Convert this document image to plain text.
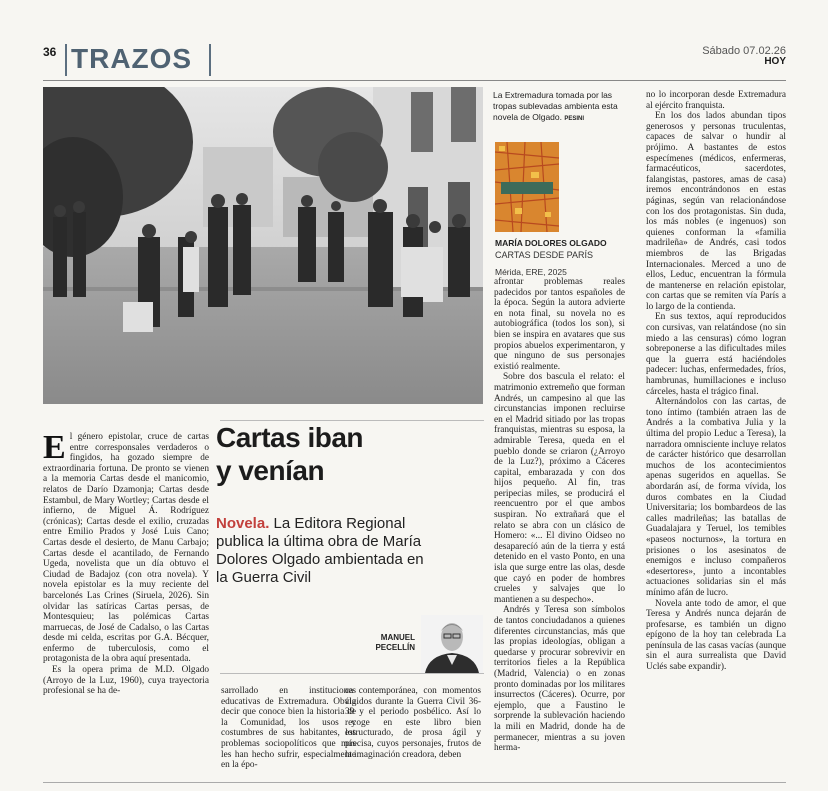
36 TRAZOS	Sábado 07.02.26
HOY
La Extremadura tomada por las tropas sublevadas ambienta esta novela de Olgado. PESINI
MARÍA DOLORES OLGADO
CARTAS DESDE PARÍS
Mérida, ERE, 2025
Cartas iban
y venían
Novela. La Editora Regional publica la última obra de María Dolores Olgado ambientada en la Guerra Civil
MANUEL
PECELLÍN

El género epistolar, cruce de cartas entre corresponsales verdaderos o fingidos, ha gozado siempre de extraordinaria fortuna. De pronto se vienen a la memoria Cartas desde el manicomio, relatos de Darío Dzamonja; Cartas desde Estambul, de Mary Wortley; Cartas desde el infierno, de Miguel Á. Rodríguez (crónicas); Cartas desde el exilio, cruzadas entre Emilio Prados y José Luis Cano; Cartas desde el desierto, de Manu Carbajo; Cartas desde el acantilado, de Fernando Ugeda, novelista que un día obtuvo el Ciudad de Badajoz (con otra novela). Y novela epistolar es la muy reciente del barcelonés Las Crines (Siruela, 2026). Sin olvidar las satíricas Cartas persas, de Montesquieu; las polémicas Cartas marruecas, de José de Cadalso, o las Cartas desde mi celda, escritas por G.A. Bécquer, enfermo de tuberculosis, como el protagonista de la obra aquí presentada.

Es la opera prima de M.D. Olgado (Arroyo de la Luz, 1960), cuya trayectoria profesional se ha de-	sarrollado en instituciones educativas de Extremadura. Obvia decir que conoce bien la historia de la Comunidad, los usos y costumbres de sus habitantes, los problemas sociopolíticos que más les han hecho sufrir, especialmente en la épo-

ca contemporánea, con momentos álgidos durante la Guerra Civil 36-39 y el periodo posbélico. Así lo recoge en este libro bien estructurado, de prosa ágil y precisa, cuyos personajes, frutos de la imaginación creadora, deben

afrontar problemas reales padecidos por tantos españoles de la época. Según la autora advierte en nota final, su novela no es autobiográfica (todos los son), si bien se inspira en avatares que sus propios abuelos experimentaron, y que ninguno de sus personajes existió realmente.

Sobre dos bascula el relato: el matrimonio extremeño que forman Andrés, un campesino al que las circunstancias imponen recluirse en el Madrid sitiado por las tropas franquistas, mientras su esposa, la admirable Teresa, queda en el pueblo donde se criaron (¿Arroyo de la Luz?), próximo a Cáceres capital, embarazada y con dos hijos pequeño. Al fin, tras peripecias miles, se producirá el reencuentro por el que ambos suspiran. No extrañará que el relato se abra con un clásico de Homero: «... El divino Oidseo no desaparecíó aún de la tierra y está detenido en el vasto Ponto, en una isla que surge entre las olas, desde que cayó en poder de hombres crueles y salvajes que lo mantienen a su despecho».

Andrés y Teresa son símbolos de tantos conciudadanos a quienes diferentes circunstancias, más que las propias ideologías, obligan a quedarse y procurar sobrevivir en territorios fieles a la República (Madrid, Valencia) o en zonas pronto dominadas por los militares insurrectos (Cáceres). Ocurre, por ejemplo, que a Faustino le sorprende la sublevación haciendo la mili en Madrid, donde ha de permanecer, mientras a su joven herma-

no lo incorporan desde Extremadura al ejército franquista.

En los dos lados abundan tipos generosos y personas truculentas, capaces de salvar o hundir al prójimo. A bastantes de estos especímenes (médicos, enfermeras, farmacéuticos, sacerdotes, falangistas, pastores, amas de casa) iremos encontrándonos en estas páginas, según van relacionándose con los dos protagonistas. Sin duda, los más nobles (e ingenuos) son quienes conforman la «familia madrileña» de Andrés, casi todos miembros de las Brigadas Internacionales. Merced a uno de ellos, Leduc, encuentran la fórmula de mantenerse en relación epistolar, con cartas que se remiten vía París a lo largo de la contienda.

En sus textos, aquí reproducidos con cursivas, van relatándose (no sin miedo a las censuras) cómo logran sobreponerse a las dificultades miles que la guerra está haciéndoles padecer: luchas, enfermedades, fríos, hambrunas, humillaciones e incluso cárceles, hasta el trágico final.

Alternándolos con las cartas, de tono íntimo (también atraen las de Andrés a la combativa Julia y la última del propio Leduc a Teresa), la narradora omnisciente incluye relatos de carácter histórico que desarrollan muchos de los acontecimientos apenas sugeridos en aquellas. Se abordarán así, de forma vívida, los duros combates en la Ciudad Universitaria; los bombardeos de las calles madrileñas; las batallas de Guadalajara y Teruel, los temibles «paseos nocturnos», la tortura en prisiones o los asesinatos de enemigos e incluso compañeros «desertores», junto a incontables actuaciones solidarias sin el más mínimo afán de lucro.

Novela ante todo de amor, el que Teresa y Andrés nunca dejarán de profesarse, es también un digno epígono de la hoy tan celebrada La península de las casas vacías (aunque sin el aura surrealista que David Uclés sabe expandir).
